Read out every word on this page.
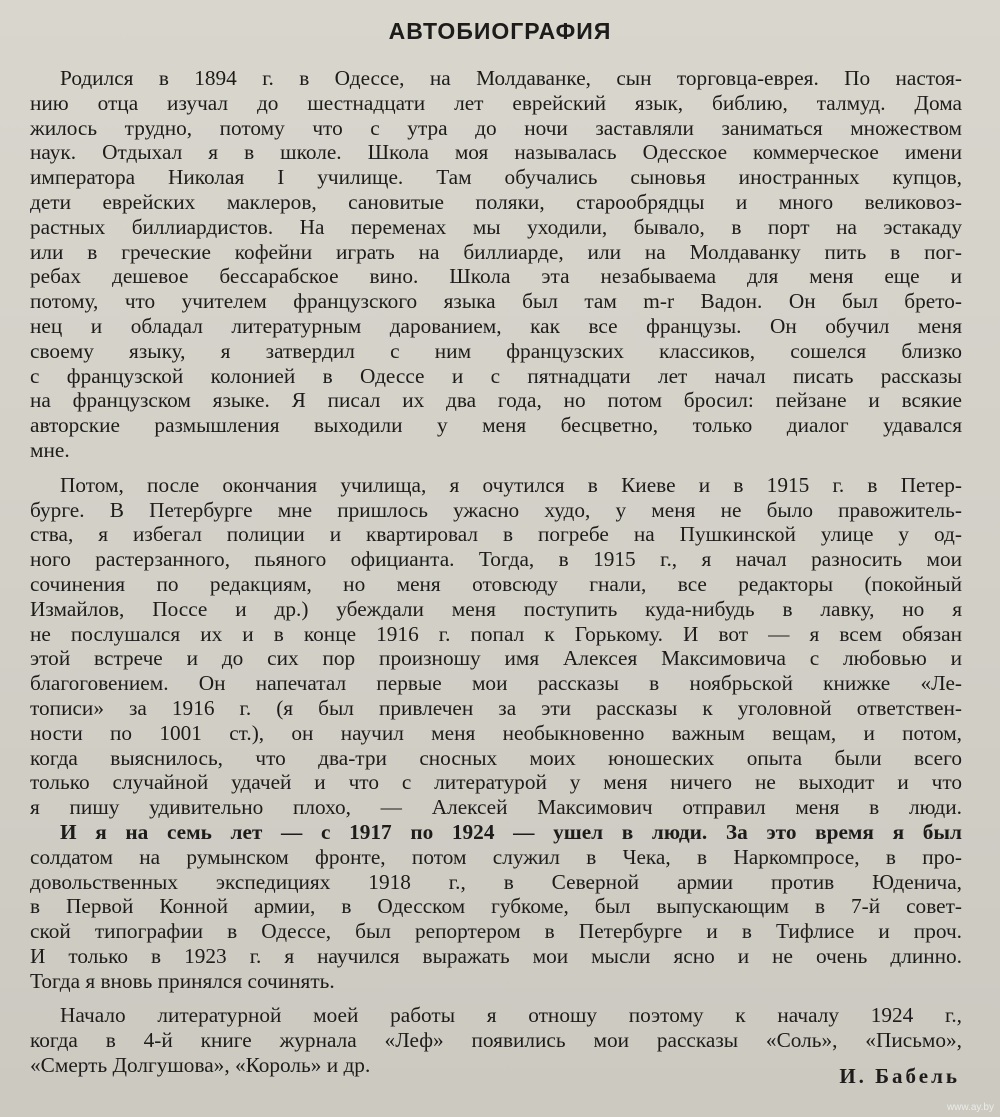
АВТОБИОГРАФИЯ
Родился в 1894 г. в Одессе, на Молдаванке, сын торговца-еврея. По настоя-
нию отца изучал до шестнадцати лет еврейский язык, библию, талмуд. Дома
жилось трудно, потому что с утра до ночи заставляли заниматься множеством
наук. Отдыхал я в школе. Школа моя называлась Одесское коммерческое имени
императора Николая I училище. Там обучались сыновья иностранных купцов,
дети еврейских маклеров, сановитые поляки, старообрядцы и много великовоз-
растных биллиардистов. На переменах мы уходили, бывало, в порт на эстакаду
или в греческие кофейни играть на биллиарде, или на Молдаванку пить в пог-
ребах дешевое бессарабское вино. Школа эта незабываема для меня еще и
потому, что учителем французского языка был там m-r Вадон. Он был брето-
нец и обладал литературным дарованием, как все французы. Он обучил меня
своему языку, я затвердил с ним французских классиков, сошелся близко
с французской колонией в Одессе и с пятнадцати лет начал писать рассказы
на французском языке. Я писал их два года, но потом бросил: пейзане и всякие
авторские размышления выходили у меня бесцветно, только диалог удавался
мне.
Потом, после окончания училища, я очутился в Киеве и в 1915 г. в Петер-
бурге. В Петербурге мне пришлось ужасно худо, у меня не было правожитель-
ства, я избегал полиции и квартировал в погребе на Пушкинской улице у од-
ного растерзанного, пьяного официанта. Тогда, в 1915 г., я начал разносить мои
сочинения по редакциям, но меня отовсюду гнали, все редакторы (покойный
Измайлов, Поссе и др.) убеждали меня поступить куда-нибудь в лавку, но я
не послушался их и в конце 1916 г. попал к Горькому. И вот — я всем обязан
этой встрече и до сих пор произношу имя Алексея Максимовича с любовью и
благоговением. Он напечатал первые мои рассказы в ноябрьской книжке «Ле-
тописи» за 1916 г. (я был привлечен за эти рассказы к уголовной ответствен-
ности по 1001 ст.), он научил меня необыкновенно важным вещам, и потом,
когда выяснилось, что два-три сносных моих юношеских опыта были всего
только случайной удачей и что с литературой у меня ничего не выходит и что
я пишу удивительно плохо, — Алексей Максимович отправил меня в люди.
И я на семь лет — с 1917 по 1924 — ушел в люди. За это время я был
солдатом на румынском фронте, потом служил в Чека, в Наркомпросе, в про-
довольственных экспедициях 1918 г., в Северной армии против Юденича,
в Первой Конной армии, в Одесском губкоме, был выпускающим в 7-й совет-
ской типографии в Одессе, был репортером в Петербурге и в Тифлисе и проч.
И только в 1923 г. я научился выражать мои мысли ясно и не очень длинно.
Тогда я вновь принялся сочинять.
Начало литературной моей работы я отношу поэтому к началу 1924 г.,
когда в 4-й книге журнала «Леф» появились мои рассказы «Соль», «Письмо»,
«Смерть Долгушова», «Король» и др.	И. Бабель
www.ay.by
